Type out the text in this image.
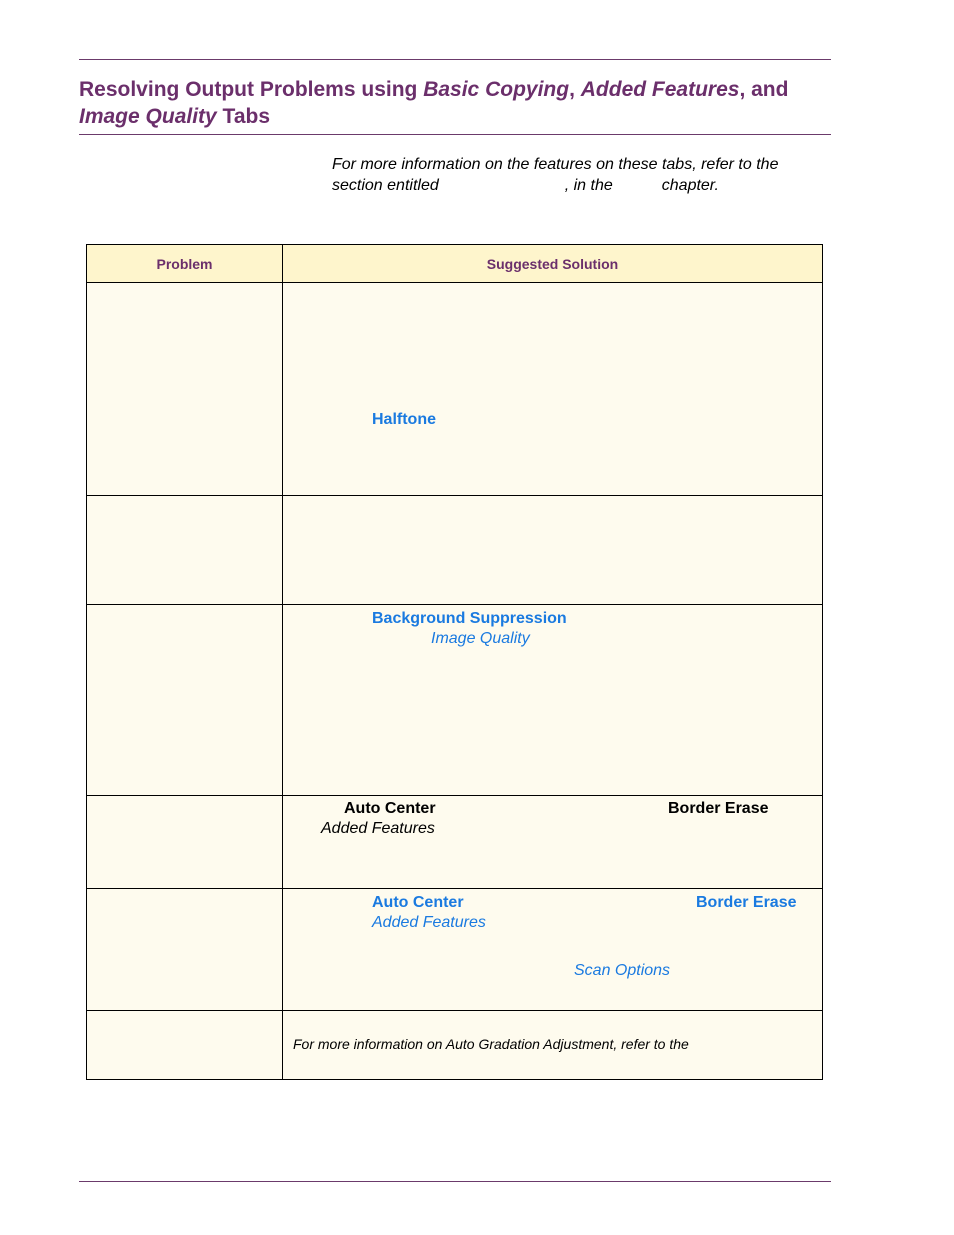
Resolving Output Problems using Basic Copying, Added Features, and
Image Quality Tabs
For more information on the features on these tabs, refer to the
section entitled	, in the	chapter.
Problem	Suggested Solution

	Halftone

	Background Suppression
Image Quality

	Auto Center Border Erase
Added Features

	Auto Center Border Erase
Added Features
Scan Options

	For more information on Auto Gradation Adjustment, refer to the
